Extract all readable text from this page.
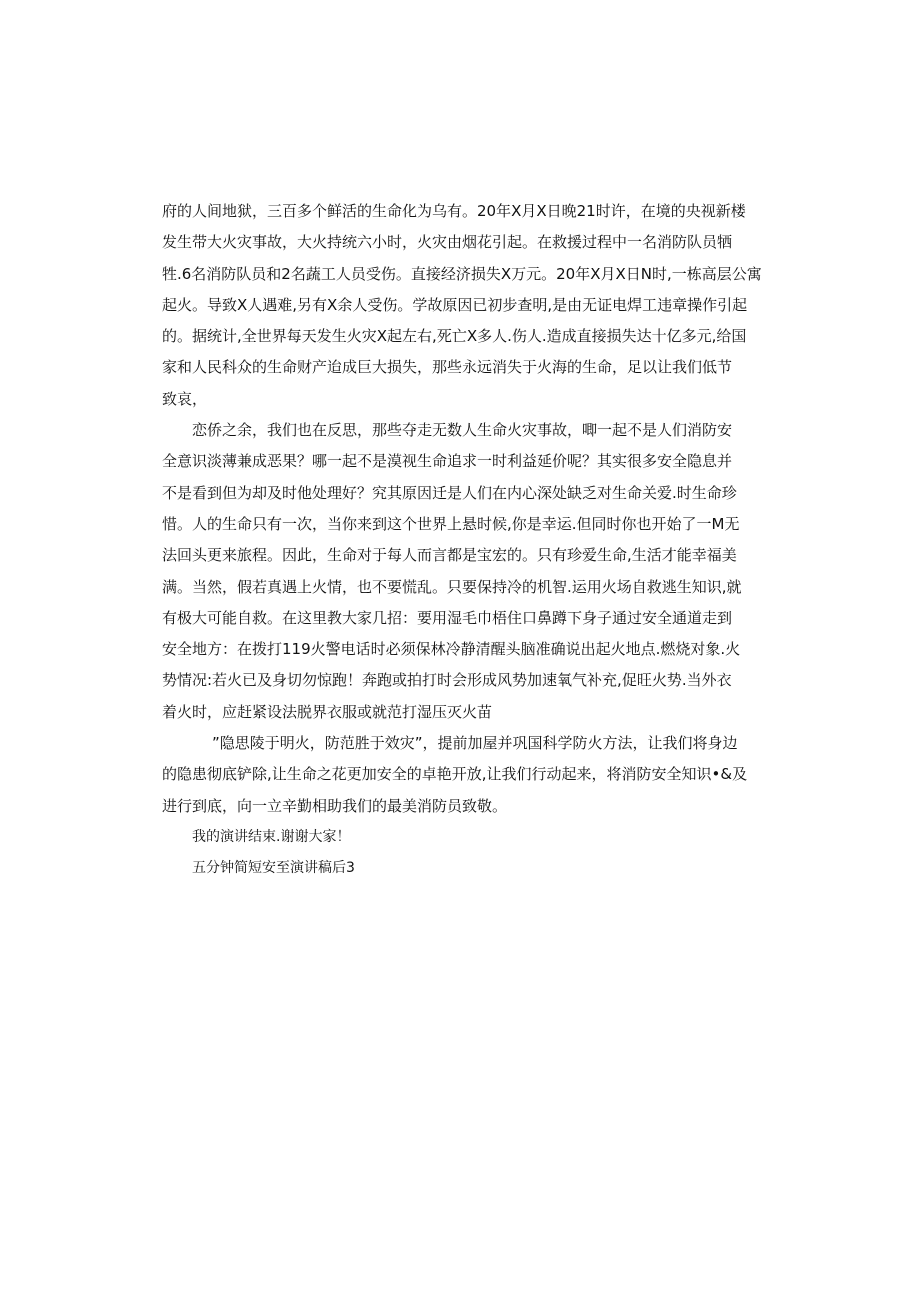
府的人间地狱，三百多个鲜活的生命化为乌有。20年X月X日晚21时许，在境的央视新楼
发生带大火灾事故，大火持统六小时，火灾由烟花引起。在救援过程中一名消防队员牺
牲.6名消防队员和2名蔬工人员受伤。直接经济损失X万元。20年X月X日N时,一栋高层公寓
起火。导致X人遇难,另有X余人受伤。学故原因已初步查明,是由无证电焊工违章操作引起
的。据统计,全世界每天发生火灾X起左右,死亡X多人.伤人.造成直接损失达十亿多元,给国
家和人民科众的生命财产迨成巨大损失，那些永远消失于火海的生命，足以让我们低节
致哀，
恋侨之余，我们也在反思，那些夺走无数人生命火灾事故，唧一起不是人们消防安
全意识淡薄兼成恶果？哪一起不是漠视生命追求一时利益延价呢？其实很多安全隐息并
不是看到但为却及时他处理好？究其原因迁是人们在内心深处缺乏对生命关爱.时生命珍
惜。人的生命只有一次，当你来到这个世界上悬时候,你是幸运.但同时你也开始了一M无
法回头更来旅程。因此，生命对于每人而言都是宝宏的。只有珍爱生命,生活才能幸福美
满。当然，假若真遇上火情，也不要慌乱。只要保持冷的机智.运用火场自救逃生知识,就
有极大可能自救。在这里教大家几招：要用湿毛巾梧住口鼻蹲下身子通过安全通道走到
安全地方：在拨打119火警电话时必须保林冷静清醒头脑准确说出起火地点.燃烧对象.火
势情况:若火已及身切勿惊跑！奔跑或拍打时会形成风势加速氧气补充,促旺火势.当外衣
着火时，应赶紧设法脱界衣服或就范打湿压灭火苗
”隐思陵于明火，防范胜于效灾”，提前加屋并巩国科学防火方法，让我们将身边
的隐患彻底铲除,让生命之花更加安全的卓艳开放,让我们行动起来，将消防安全知识•&及
进行到底，向一立辛勤相助我们的最美消防员致敬。
我的演讲结束.谢谢大家！
五分钟简短安至演讲稿后3
